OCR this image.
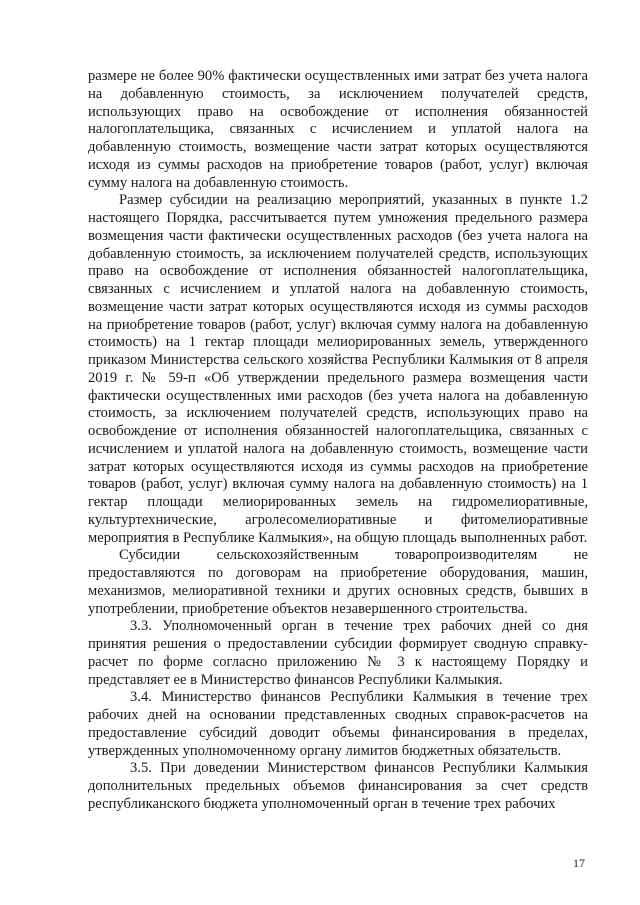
размере не более 90% фактически осуществленных ими затрат без учета налога на добавленную стоимость, за исключением получателей средств, использующих право на освобождение от исполнения обязанностей налогоплательщика, связанных с исчислением и уплатой налога на добавленную стоимость, возмещение части затрат которых осуществляются исходя из суммы расходов на приобретение товаров (работ, услуг) включая сумму налога на добавленную стоимость.

Размер субсидии на реализацию мероприятий, указанных в пункте 1.2 настоящего Порядка, рассчитывается путем умножения предельного размера возмещения части фактически осуществленных расходов (без учета налога на добавленную стоимость, за исключением получателей средств, использующих право на освобождение от исполнения обязанностей налогоплательщика, связанных с исчислением и уплатой налога на добавленную стоимость, возмещение части затрат которых осуществляются исходя из суммы расходов на приобретение товаров (работ, услуг) включая сумму налога на добавленную стоимость) на 1 гектар площади мелиорированных земель, утвержденного приказом Министерства сельского хозяйства Республики Калмыкия от 8 апреля 2019 г. № 59-п «Об утверждении предельного размера возмещения части фактически осуществленных ими расходов (без учета налога на добавленную стоимость, за исключением получателей средств, использующих право на освобождение от исполнения обязанностей налогоплательщика, связанных с исчислением и уплатой налога на добавленную стоимость, возмещение части затрат которых осуществляются исходя из суммы расходов на приобретение товаров (работ, услуг) включая сумму налога на добавленную стоимость) на 1 гектар площади мелиорированных земель на гидромелиоративные, культуртехнические, агролесомелиоративные и фитомелиоративные мероприятия в Республике Калмыкия», на общую площадь выполненных работ.

Субсидии сельскохозяйственным товаропроизводителям не предоставляются по договорам на приобретение оборудования, машин, механизмов, мелиоративной техники и других основных средств, бывших в употреблении, приобретение объектов незавершенного строительства.

3.3. Уполномоченный орган в течение трех рабочих дней со дня принятия решения о предоставлении субсидии формирует сводную справку-расчет по форме согласно приложению № 3 к настоящему Порядку и представляет ее в Министерство финансов Республики Калмыкия.

3.4. Министерство финансов Республики Калмыкия в течение трех рабочих дней на основании представленных сводных справок-расчетов на предоставление субсидий доводит объемы финансирования в пределах, утвержденных уполномоченному органу лимитов бюджетных обязательств.

3.5. При доведении Министерством финансов Республики Калмыкия дополнительных предельных объемов финансирования за счет средств республиканского бюджета уполномоченный орган в течение трех рабочих

17
